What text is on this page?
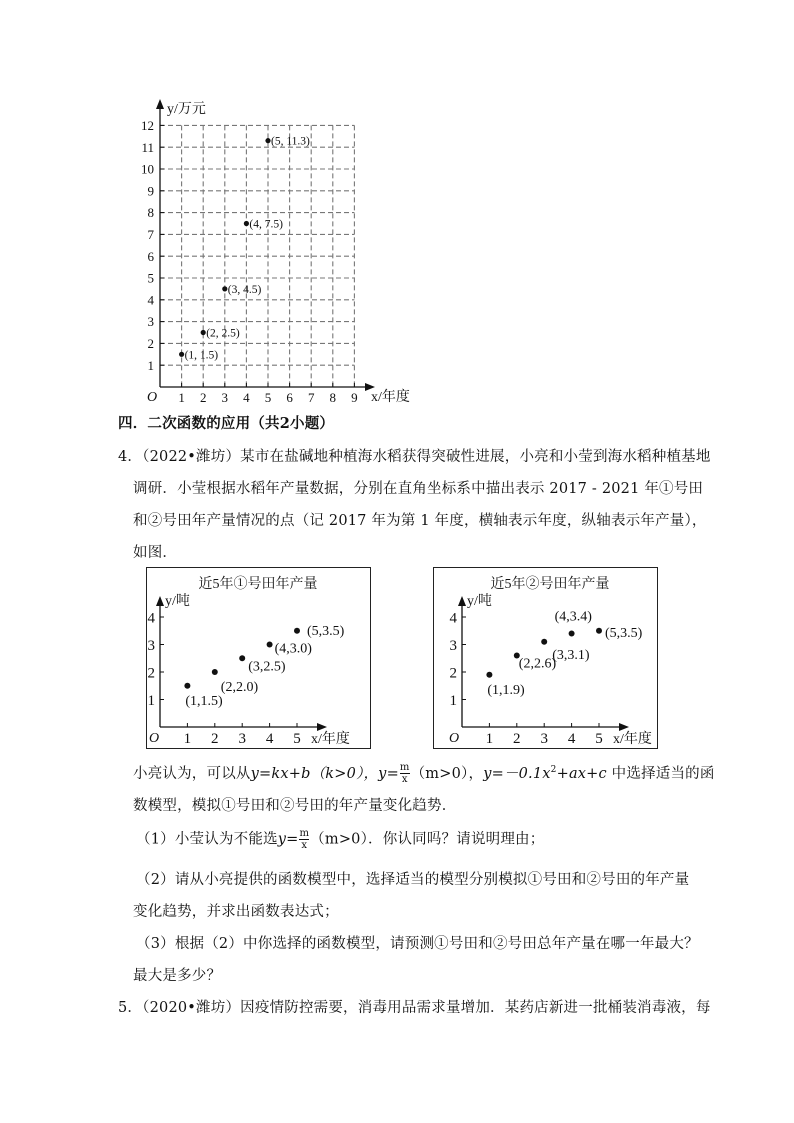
1 2 3 4 5 6 7 8 9
1
2
3
4
5
6
7
8
9
10
11
12
(1, 1.5)
(2, 2.5)
(3, 4.5)
(4, 7.5)
(5, 11.3)
y/万元
x/年度
O
四．二次函数的应用（共2小题）
4．（2022•潍坊）某市在盐碱地种植海水稻获得突破性进展，小亮和小莹到海水稻种植基地
调研．小莹根据水稻年产量数据，分别在直角坐标系中描出表示 2017 - 2021 年①号田
和②号田年产量情况的点（记 2017 年为第 1 年度，横轴表示年度，纵轴表示年产量），
如图．
近5年①号田年产量
1 2 3 4 5
1
2
3
4
(1,1.5)
(2,2.0)
(3,2.5)
(4,3.0)
(5,3.5)
y/吨
x/年度
O
近5年②号田年产量
1 2 3 4 5
1
2
3
4
(1,1.9)
(2,2.6)
(3,3.1)
(4,3.4)
(5,3.5)
y/吨
x/年度
O
小亮认为，可以从y=kx+b（k>0），$y= \frac{m}{x} (m>0)$，$y=-0.1x^2+ax+c$ 中选择适当的函
数模型，模拟①号田和②号田的年产量变化趋势．
（1）小莹认为不能选$y= \frac{m}{x} (m>0)$．你认同吗？请说明理由；
（2）请从小亮提供的函数模型中，选择适当的模型分别模拟①号田和②号田的年产量
变化趋势，并求出函数表达式；
（3）根据（2）中你选择的函数模型，请预测①号田和②号田总年产量在哪一年最大？
最大是多少？
5．（2020•潍坊）因疫情防控需要，消毒用品需求量增加．某药店新进一批桶装消毒液，每
